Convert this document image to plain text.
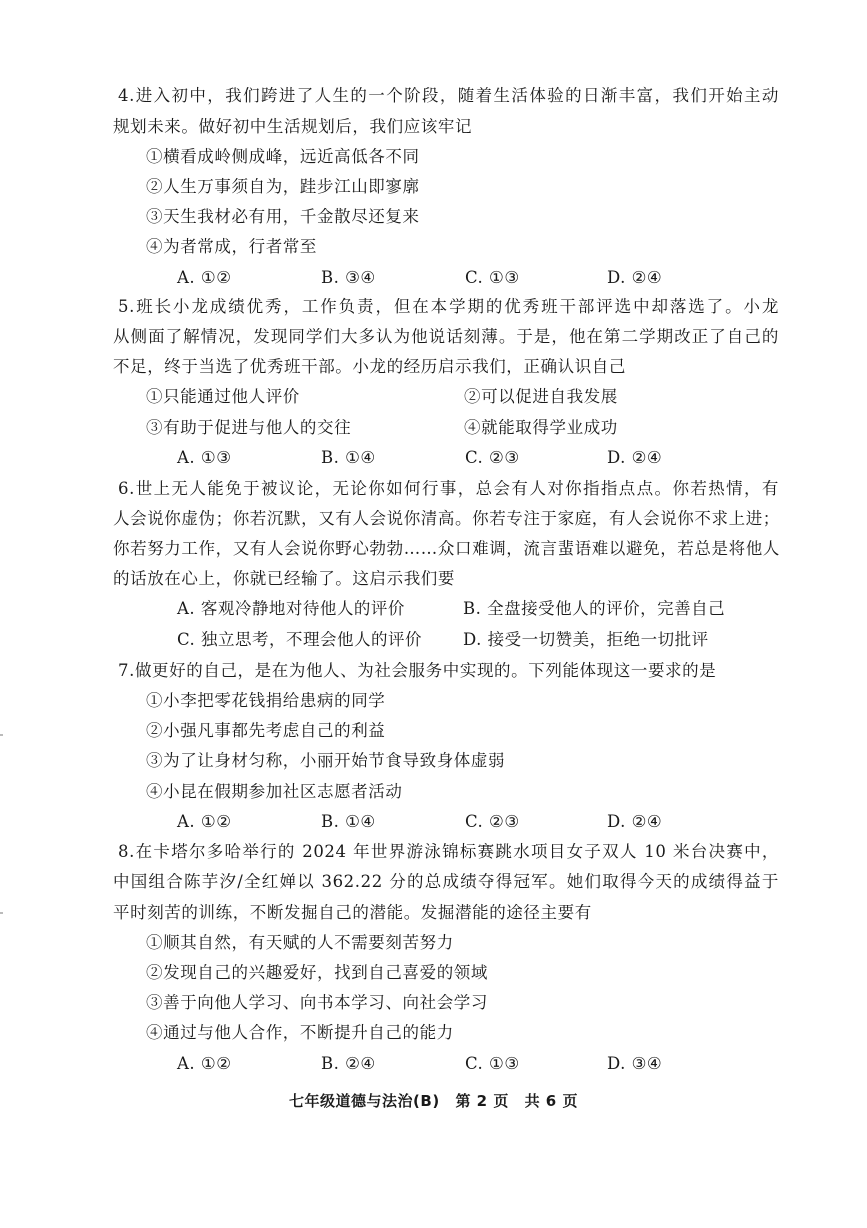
4.进入初中，我们跨进了人生的一个阶段，随着生活体验的日渐丰富，我们开始主动
规划未来。做好初中生活规划后，我们应该牢记
①横看成岭侧成峰，远近高低各不同
②人生万事须自为，跬步江山即寥廓
③天生我材必有用，千金散尽还复来
④为者常成，行者常至
A. ①②	B. ③④	C. ①③	D. ②④
5.班长小龙成绩优秀，工作负责，但在本学期的优秀班干部评选中却落选了。小龙
从侧面了解情况，发现同学们大多认为他说话刻薄。于是，他在第二学期改正了自己的
不足，终于当选了优秀班干部。小龙的经历启示我们，正确认识自己
①只能通过他人评价	②可以促进自我发展
③有助于促进与他人的交往	④就能取得学业成功
A. ①③	B. ①④	C. ②③	D. ②④
6.世上无人能免于被议论，无论你如何行事，总会有人对你指指点点。你若热情，有
人会说你虚伪；你若沉默，又有人会说你清高。你若专注于家庭，有人会说你不求上进；
你若努力工作，又有人会说你野心勃勃……众口难调，流言蜚语难以避免，若总是将他人
的话放在心上，你就已经输了。这启示我们要
A. 客观冷静地对待他人的评价	B. 全盘接受他人的评价，完善自己
C. 独立思考，不理会他人的评价 D. 接受一切赞美，拒绝一切批评
7.做更好的自己，是在为他人、为社会服务中实现的。下列能体现这一要求的是
①小李把零花钱捐给患病的同学
②小强凡事都先考虑自己的利益
③为了让身材匀称，小丽开始节食导致身体虚弱
④小昆在假期参加社区志愿者活动
A. ①②	B. ①④	C. ②③	D. ②④
8.在卡塔尔多哈举行的 2024 年世界游泳锦标赛跳水项目女子双人 10 米台决赛中，
中国组合陈芋汐/全红婵以 362.22 分的总成绩夺得冠军。她们取得今天的成绩得益于
平时刻苦的训练，不断发掘自己的潜能。发掘潜能的途径主要有
①顺其自然，有天赋的人不需要刻苦努力
②发现自己的兴趣爱好，找到自己喜爱的领域
③善于向他人学习、向书本学习、向社会学习
④通过与他人合作，不断提升自己的能力
A. ①②	B. ②④	C. ①③	D. ③④
七年级道德与法治(B) 第 2 页 共 6 页
